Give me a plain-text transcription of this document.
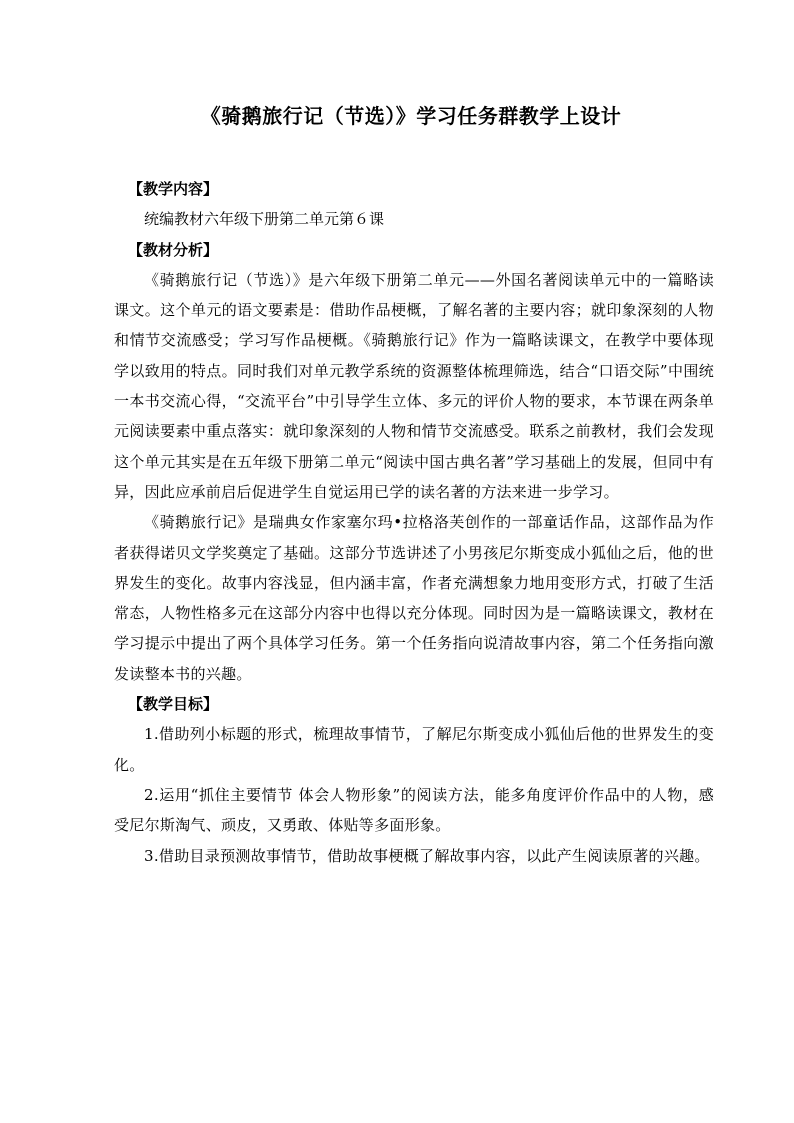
《骑鹅旅行记（节选）》学习任务群教学上设计

【教学内容】

统编教材六年级下册第二单元第６课

【教材分析】

《骑鹅旅行记（节选）》是六年级下册第二单元——外国名著阅读单元中的一篇略读课文。这个单元的语文要素是：借助作品梗概，了解名著的主要内容；就印象深刻的人物和情节交流感受；学习写作品梗概。《骑鹅旅行记》作为一篇略读课文，在教学中要体现学以致用的特点。同时我们对单元教学系统的资源整体梳理筛选，结合“口语交际”中围统一本书交流心得，“交流平台”中引导学生立体、多元的评价人物的要求，本节课在两条单元阅读要素中重点落实：就印象深刻的人物和情节交流感受。联系之前教材，我们会发现这个单元其实是在五年级下册第二单元“阅读中国古典名著”学习基础上的发展，但同中有异，因此应承前启后促进学生自觉运用已学的读名著的方法来进一步学习。

《骑鹅旅行记》是瑞典女作家塞尔玛•拉格洛芙创作的一部童话作品，这部作品为作者获得诺贝文学奖奠定了基础。这部分节选讲述了小男孩尼尔斯变成小狐仙之后，他的世界发生的变化。故事内容浅显，但内涵丰富，作者充满想象力地用变形方式，打破了生活常态，人物性格多元在这部分内容中也得以充分体现。同时因为是一篇略读课文，教材在学习提示中提出了两个具体学习任务。第一个任务指向说清故事内容，第二个任务指向激发读整本书的兴趣。

【教学目标】

1.借助列小标题的形式，梳理故事情节，了解尼尔斯变成小狐仙后他的世界发生的变化。

2.运用“抓住主要情节 体会人物形象”的阅读方法，能多角度评价作品中的人物，感受尼尔斯淘气、顽皮，又勇敢、体贴等多面形象。

3.借助目录预测故事情节，借助故事梗概了解故事内容，以此产生阅读原著的兴趣。
